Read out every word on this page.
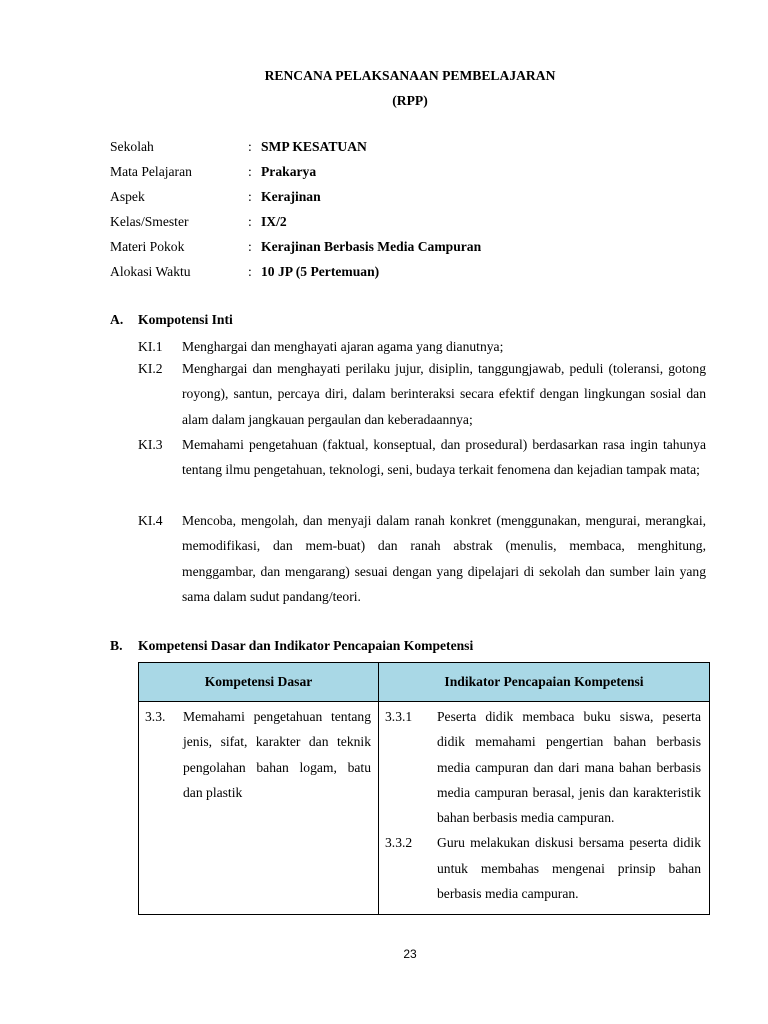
RENCANA PELAKSANAAN PEMBELAJARAN
(RPP)
Sekolah	: SMP KESATUAN
Mata Pelajaran	: Prakarya
Aspek	: Kerajinan
Kelas/Smester	: IX/2
Materi Pokok	: Kerajinan Berbasis Media Campuran
Alokasi Waktu	: 10 JP (5 Pertemuan)
A. Kompotensi Inti
KI.1 Menghargai dan menghayati ajaran agama yang dianutnya;
KI.2 Menghargai dan menghayati perilaku jujur, disiplin, tanggungjawab, peduli (toleransi, gotong royong), santun, percaya diri, dalam berinteraksi secara efektif dengan lingkungan sosial dan alam dalam jangkauan pergaulan dan keberadaannya;
KI.3 Memahami pengetahuan (faktual, konseptual, dan prosedural) berdasarkan rasa ingin tahunya tentang ilmu pengetahuan, teknologi, seni, budaya terkait fenomena dan kejadian tampak mata;
KI.4 Mencoba, mengolah, dan menyaji dalam ranah konkret (menggunakan, mengurai, merangkai, memodifikasi, dan mem-buat) dan ranah abstrak (menulis, membaca, menghitung, menggambar, dan mengarang) sesuai dengan yang dipelajari di sekolah dan sumber lain yang sama dalam sudut pandang/teori.
B. Kompetensi Dasar dan Indikator Pencapaian Kompetensi
Kompetensi Dasar	Indikator Pencapaian Kompetensi
3.3. Memahami pengetahuan tentang jenis, sifat, karakter dan teknik pengolahan bahan logam, batu dan plastik	3.3.1 Peserta didik membaca buku siswa, peserta didik memahami pengertian bahan berbasis media campuran dan dari mana bahan berbasis media campuran berasal, jenis dan karakteristik bahan berbasis media campuran.
3.3.2 Guru melakukan diskusi bersama peserta didik untuk membahas mengenai prinsip bahan berbasis media campuran.
23
